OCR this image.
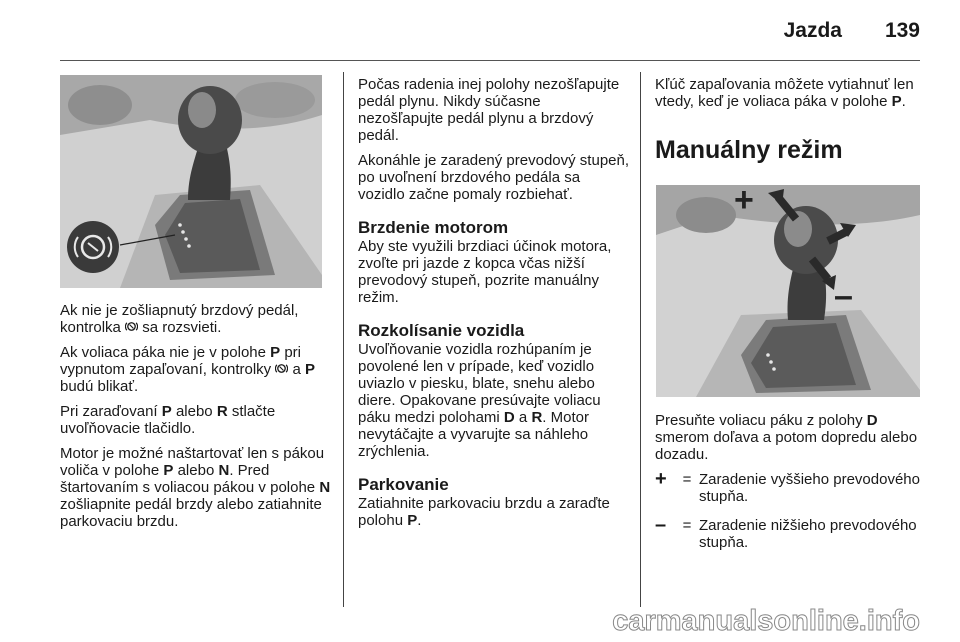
Jazda 139

Ak nie je zošliapnutý brzdový pedál, kontrolka  sa rozsvieti.

Ak voliaca páka nie je v polohe P pri vypnutom zapaľovaní, kontrolky  a P budú blikať.

Pri zaraďovaní P alebo R stlačte uvoľňovacie tlačidlo.

Motor je možné naštartovať len s pákou voliča v polohe P alebo N. Pred štartovaním s voliacou pákou v polohe N zošliapnite pedál brzdy alebo zatiahnite parkovaciu brzdu.

Počas radenia inej polohy nezošľapujte pedál plynu. Nikdy súčasne nezošľapujte pedál plynu a brzdový pedál.

Akonáhle je zaradený prevodový stupeň, po uvoľnení brzdového pedála sa vozidlo začne pomaly rozbiehať.

Brzdenie motorom

Aby ste využili brzdiaci účinok motora, zvoľte pri jazde z kopca včas nižší prevodový stupeň, pozrite manuálny režim.

Rozkolísanie vozidla

Uvoľňovanie vozidla rozhúpaním je povolené len v prípade, keď vozidlo uviazlo v piesku, blate, snehu alebo diere. Opakovane presúvajte voliacu páku medzi polohami D a R. Motor nevytáčajte a vyvarujte sa náhleho zrýchlenia.

Parkovanie

Zatiahnite parkovaciu brzdu a zaraďte polohu P.

Kľúč zapaľovania môžete vytiahnuť len vtedy, keď je voliaca páka v polohe P.

Manuálny režim
+
–

Presuňte voliacu páku z polohy D smerom doľava a potom dopredu alebo dozadu.

+	= Zaradenie vyššieho prevodového stupňa.
–	= Zaradenie nižšieho prevodového stupňa.
carmanualsonline.info
